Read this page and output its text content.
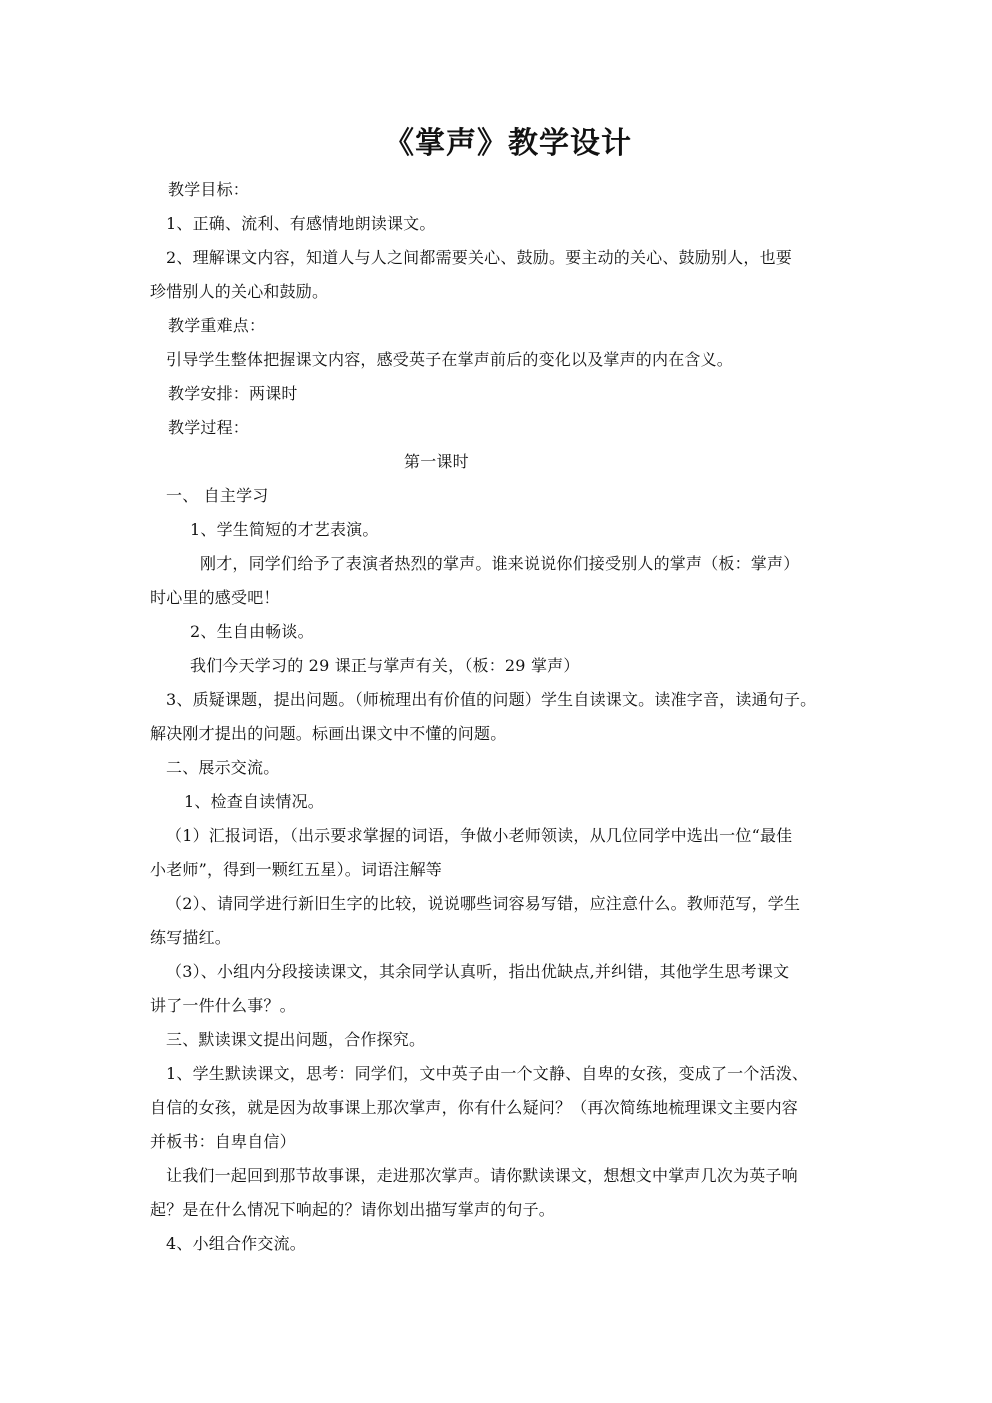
《掌声》教学设计
教学目标：
1、正确、流利、有感情地朗读课文。
2、理解课文内容，知道人与人之间都需要关心、鼓励。要主动的关心、鼓励别人，也要
珍惜别人的关心和鼓励。
教学重难点：
引导学生整体把握课文内容，感受英子在掌声前后的变化以及掌声的内在含义。
教学安排：两课时
教学过程：
第一课时
一、 自主学习
1、学生简短的才艺表演。
刚才，同学们给予了表演者热烈的掌声。谁来说说你们接受别人的掌声（板：掌声）
时心里的感受吧！
2、生自由畅谈。
我们今天学习的 29 课正与掌声有关，（板：29 掌声）
3、质疑课题，提出问题。（师梳理出有价值的问题）学生自读课文。读准字音，读通句子。
解决刚才提出的问题。标画出课文中不懂的问题。
二、展示交流。
1、检查自读情况。
（1）汇报词语，（出示要求掌握的词语，争做小老师领读，从几位同学中选出一位“最佳
小老师”，得到一颗红五星）。词语注解等
（2）、请同学进行新旧生字的比较，说说哪些词容易写错，应注意什么。教师范写，学生
练写描红。
（3）、小组内分段接读课文，其余同学认真听，指出优缺点,并纠错，其他学生思考课文
讲了一件什么事？。
三、默读课文提出问题，合作探究。
1、学生默读课文，思考：同学们，文中英子由一个文静、自卑的女孩，变成了一个活泼、
自信的女孩，就是因为故事课上那次掌声，你有什么疑问？（再次简练地梳理课文主要内容
并板书：自卑自信）
让我们一起回到那节故事课，走进那次掌声。请你默读课文，想想文中掌声几次为英子响
起？是在什么情况下响起的？请你划出描写掌声的句子。
4、小组合作交流。
